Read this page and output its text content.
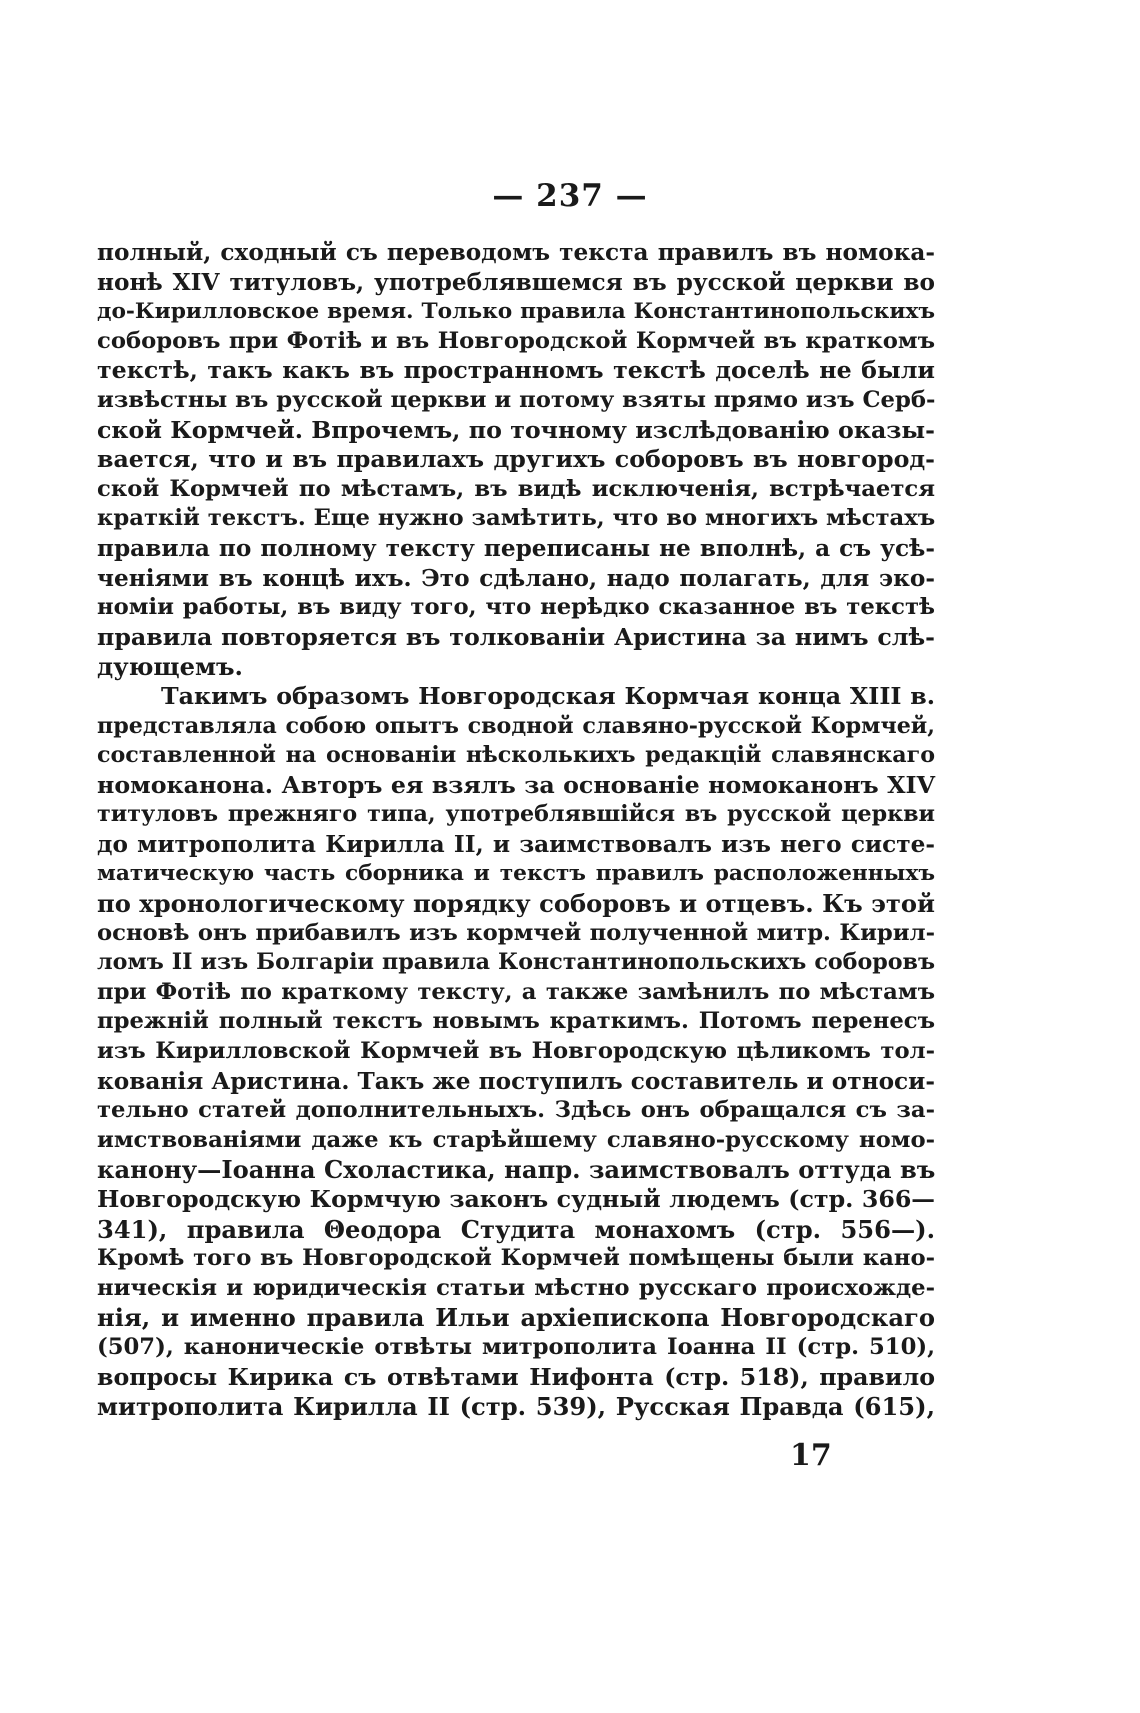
— 237 —
полный, сходный съ переводомъ текста правилъ въ номока-
нонѣ XIV титуловъ, употреблявшемся въ русской церкви во
до-Кирилловское время. Только правила Константинопольскихъ
соборовъ при Фотіѣ и въ Новгородской Кормчей въ краткомъ
текстѣ, такъ какъ въ пространномъ текстѣ доселѣ не были
извѣстны въ русской церкви и потому взяты прямо изъ Серб-
ской Кормчей. Впрочемъ, по точному изслѣдованію оказы-
вается, что и въ правилахъ другихъ соборовъ въ новгород-
ской Кормчей по мѣстамъ, въ видѣ исключенія, встрѣчается
краткій текстъ. Еще нужно замѣтить, что во многихъ мѣстахъ
правила по полному тексту переписаны не вполнѣ, а съ усѣ-
ченіями въ концѣ ихъ. Это сдѣлано, надо полагать, для эко-
номіи работы, въ виду того, что нерѣдко сказанное въ текстѣ
правила повторяется въ толкованіи Аристина за нимъ слѣ-
дующемъ.
Такимъ образомъ Новгородская Кормчая конца XIII в.
представляла собою опытъ сводной славяно-русской Кормчей,
составленной на основаніи нѣсколькихъ редакцій славянскаго
номоканона. Авторъ ея взялъ за основаніе номоканонъ XIV
титуловъ прежняго типа, употреблявшійся въ русской церкви
до митрополита Кирилла II, и заимствовалъ изъ него систе-
матическую часть сборника и текстъ правилъ расположенныхъ
по хронологическому порядку соборовъ и отцевъ. Къ этой
основѣ онъ прибавилъ изъ кормчей полученной митр. Кирил-
ломъ II изъ Болгаріи правила Константинопольскихъ соборовъ
при Фотіѣ по краткому тексту, а также замѣнилъ по мѣстамъ
прежній полный текстъ новымъ краткимъ. Потомъ перенесъ
изъ Кирилловской Кормчей въ Новгородскую цѣликомъ тол-
кованія Аристина. Такъ же поступилъ составитель и относи-
тельно статей дополнительныхъ. Здѣсь онъ обращался съ за-
имствованіями даже къ старѣйшему славяно-русскому номо-
канону—Іоанна Схоластика, напр. заимствовалъ оттуда въ
Новгородскую Кормчую законъ судный людемъ (стр. 366—
341), правила Θеодора Студита монахомъ (стр. 556—).
Кромѣ того въ Новгородской Кормчей помѣщены были кано-
ническія и юридическія статьи мѣстно русскаго происхожде-
нія, и именно правила Ильи архіепископа Новгородскаго
(507), каноническіе отвѣты митрополита Іоанна II (стр. 510),
вопросы Кирика съ отвѣтами Нифонта (стр. 518), правило
митрополита Кирилла II (стр. 539), Русская Правда (615),
17
